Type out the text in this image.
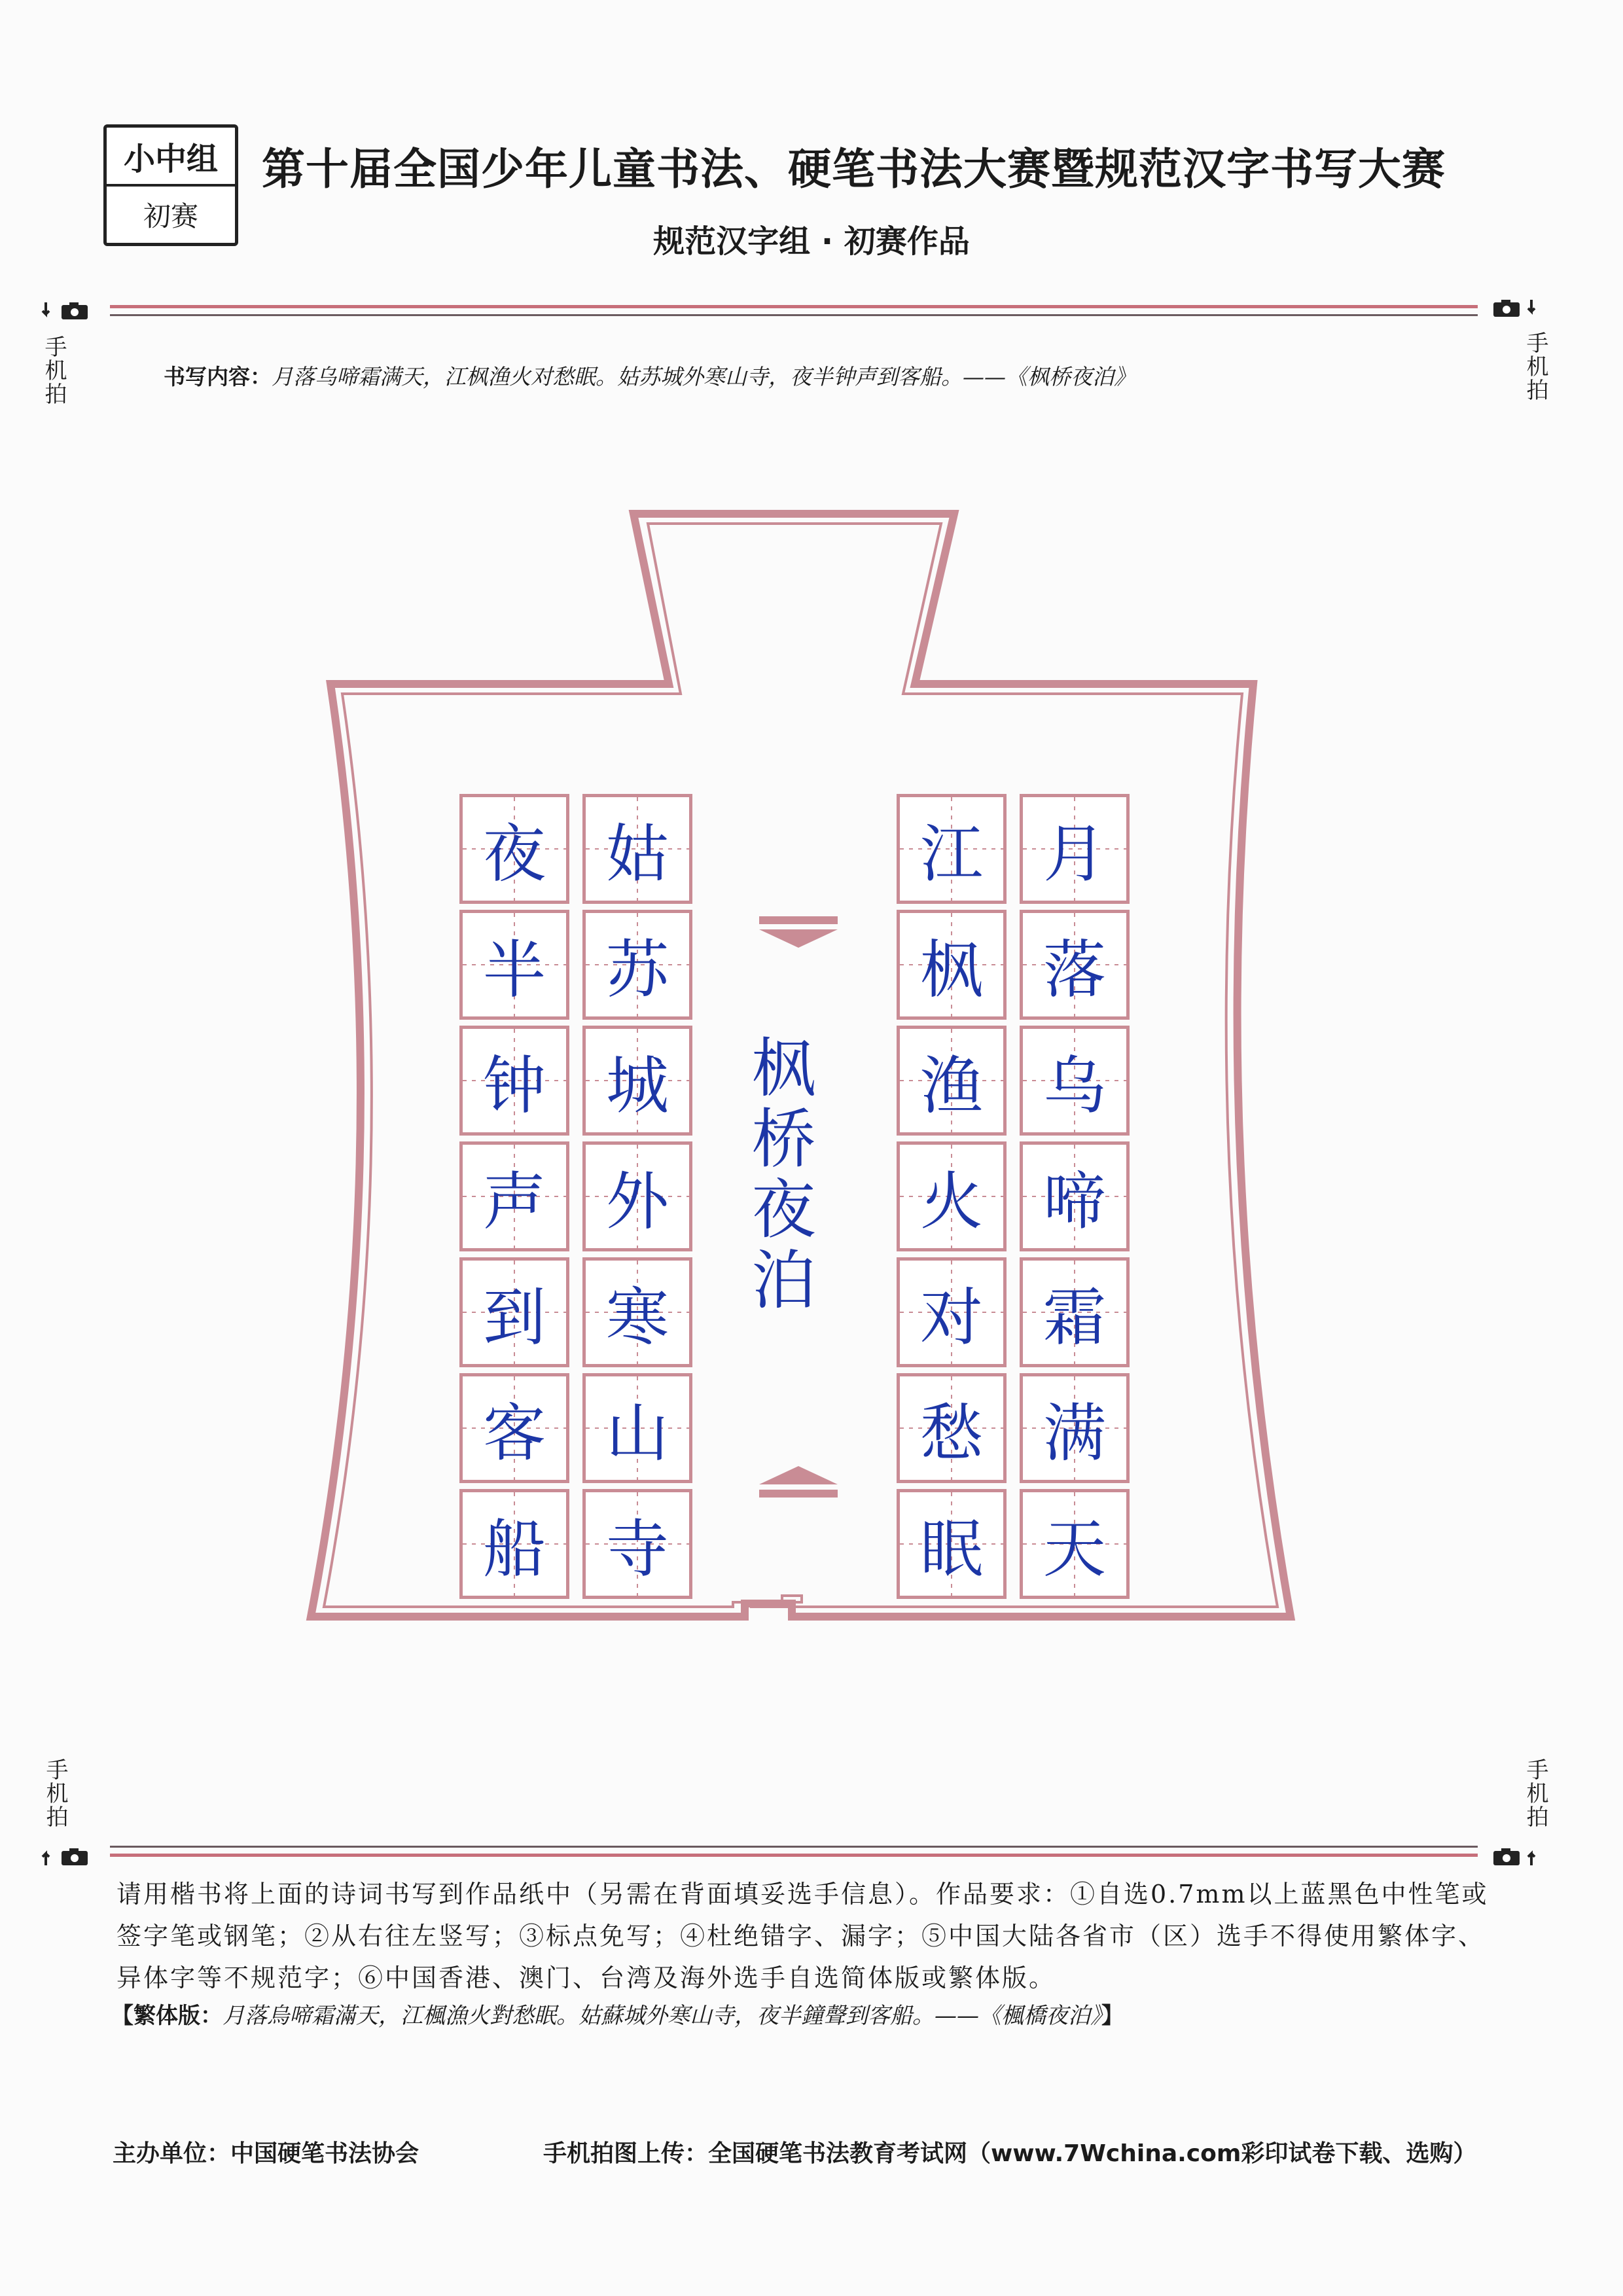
小中组
初赛
第十届全国少年儿童书法、硬笔书法大赛暨规范汉字书写大赛
规范汉字组 · 初赛作品
手机拍	手机拍
书写内容：月落乌啼霜满天，江枫渔火对愁眠。姑苏城外寒山寺，夜半钟声到客船。——《枫桥夜泊》
月
落
乌
啼
霜
满
天
江
枫
渔
火
对
愁
眠
枫桥夜泊
姑
苏
城
外
寒
山
寺
夜
半
钟
声
到
客
船
手机拍	手机拍
请用楷书将上面的诗词书写到作品纸中（另需在背面填妥选手信息）。作品要求：①自选0.7mm以上蓝黑色中性笔或签字笔或钢笔；②从右往左竖写；③标点免写；④杜绝错字、漏字；⑤中国大陆各省市（区）选手不得使用繁体字、异体字等不规范字；⑥中国香港、澳门、台湾及海外选手自选简体版或繁体版。
【繁体版：月落烏啼霜滿天，江楓漁火對愁眠。姑蘇城外寒山寺，夜半鐘聲到客船。——《楓橋夜泊》】
主办单位：中国硬笔书法协会	手机拍图上传：全国硬笔书法教育考试网（www.7Wchina.com彩印试卷下载、选购）
